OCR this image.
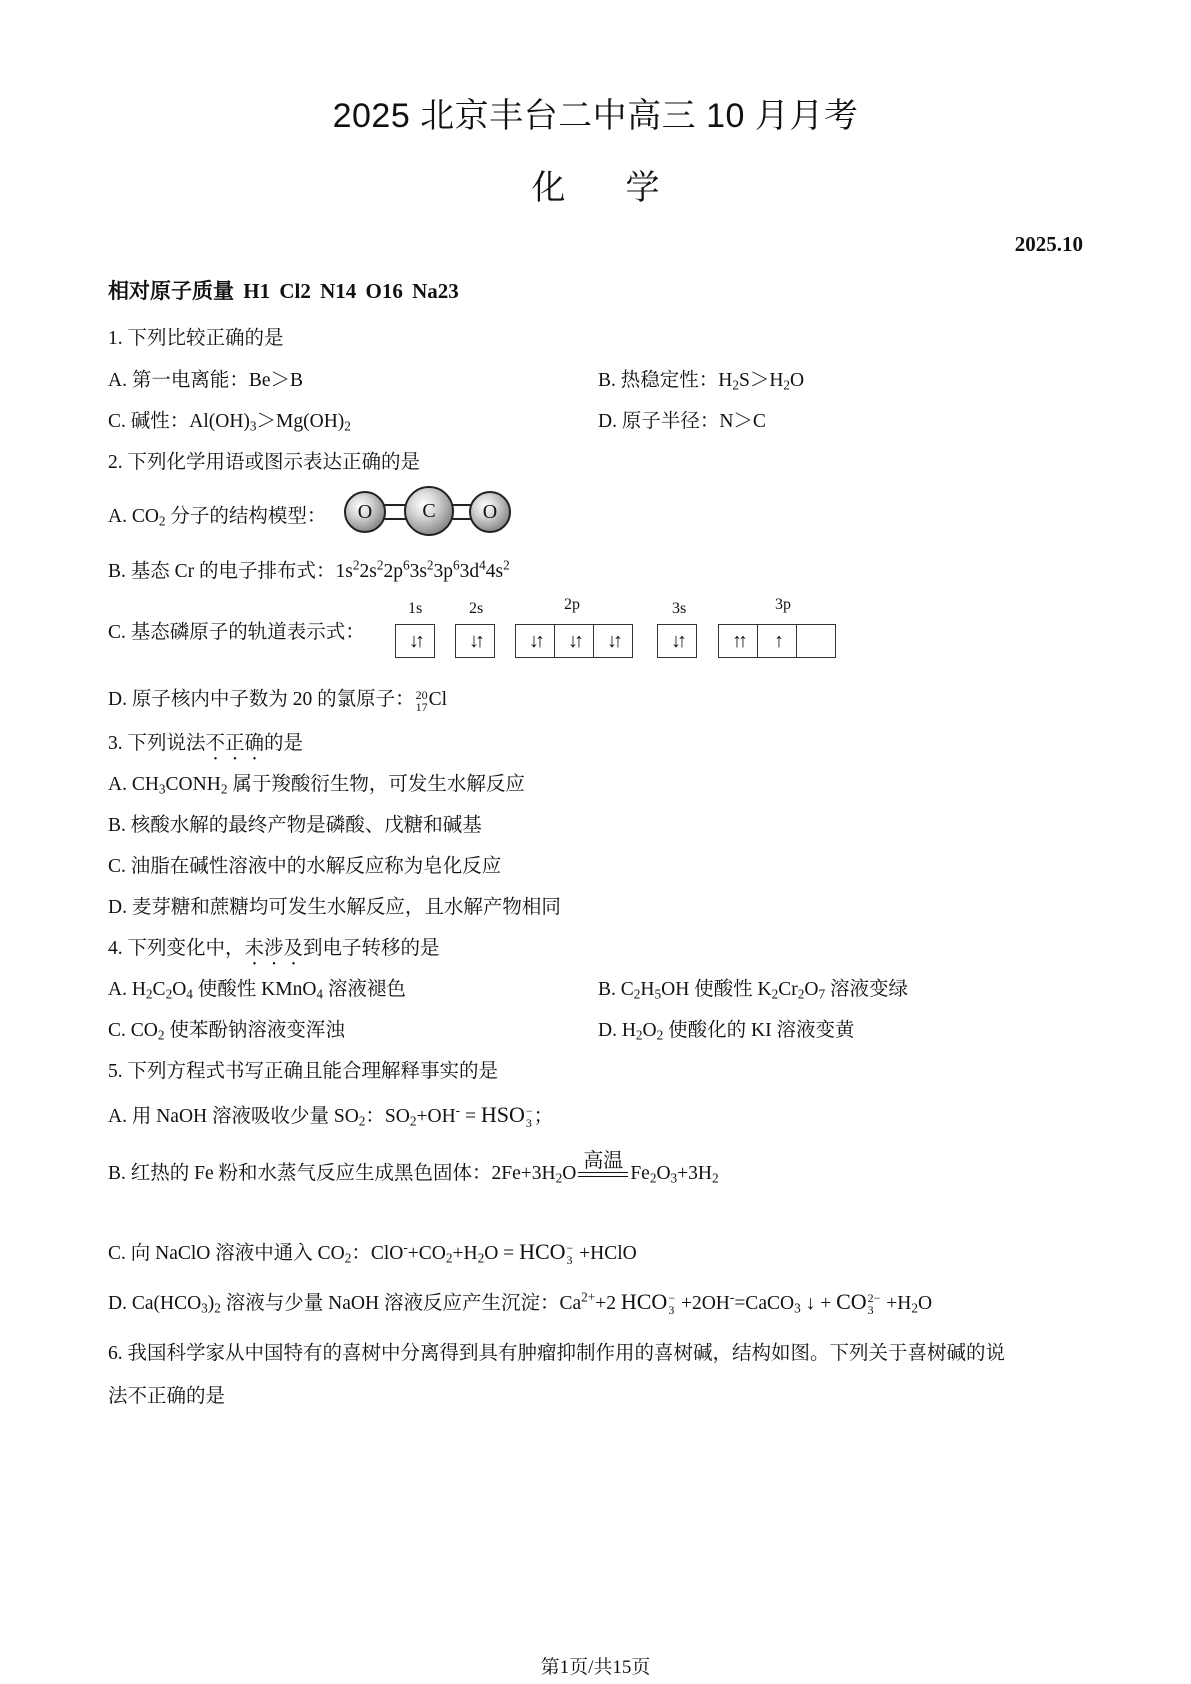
2025 北京丰台二中高三 10 月月考
化 学
2025.10
相对原子质量 H1 Cl2 N14 O16 Na23
1. 下列比较正确的是
A. 第一电离能：Be＞B	B. 热稳定性：$H_2S>H_2O$
C. 碱性：$Al(OH)_3>Mg(OH)_2$	D. 原子半径：N＞C
2. 下列化学用语或图示表达正确的是
A. $CO_2$ 分子的结构模型：	O	C	O
B. 基态 Cr 的电子排布式：$1s^22s^22p^63s^23p^63d^44s^2$
C. 基态磷原子的轨道表示式：
1s
↓↑
2s
↓↑
2p
↓↑	↓↑	↓↑
3s
↓↑
3p
↑↑	↑
D. 原子核内中子数为 20 的氯原子： 20
17 Cl
3. 下列说法不正确的是
A. $CH_3CONH_2$ 属于羧酸衍生物，可发生水解反应
B. 核酸水解的最终产物是磷酸、戊糖和碱基
C. 油脂在碱性溶液中的水解反应称为皂化反应
D. 麦芽糖和蔗糖均可发生水解反应，且水解产物相同
4. 下列变化中，未涉及到电子转移的是
A. $H_2C_2O_4$ 使酸性 KMnO$_4$ 溶液褪色	B. $C_2H_5OH$ 使酸性 $K_2Cr_2O_7$ 溶液变绿
C. $CO_2$ 使苯酚钠溶液变浑浊	D. $H_2O_2$ 使酸化的 KI 溶液变黄
5. 下列方程式书写正确且能合理解释事实的是
A. 用 NaOH 溶液吸收少量 $SO_2$：$SO_2+OH^-$ = HSO −
3 ；
B. 红热的 Fe 粉和水蒸气反应生成黑色固体：$2Fe+3H_2O$
高温
$Fe_2O_3+3H_2$
C. 向 NaClO 溶液中通入 $CO_2$：$ClO^-+CO_2+H_2O$ = HCO −
3 +HClO
D. $Ca(HCO_3)_2$ 溶液与少量 NaOH 溶液反应产生沉淀：$Ca^{2+}+2$ HCO −
3 +2OH-=CaCO$_3$ ↓ + CO 2−
$3 +H_2O$
6. 我国科学家从中国特有的喜树中分离得到具有肿瘤抑制作用的喜树碱，结构如图。下列关于喜树碱的说
法不正确的是
第1页/共15页
